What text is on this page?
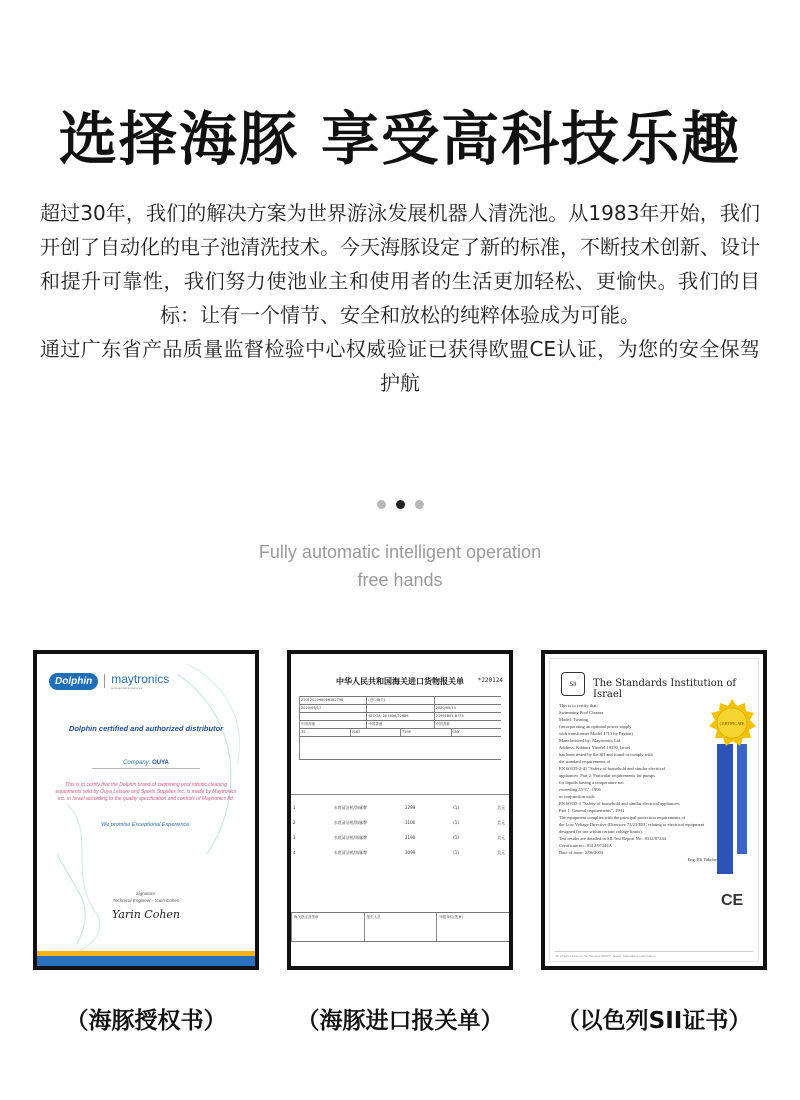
选择海豚 享受高科技乐趣

超过30年，我们的解决方案为世界游泳发展机器人清洗池。从1983年开始，我们开创了自动化的电子池清洗技术。今天海豚设定了新的标准，不断技术创新、设计和提升可靠性，我们努力使池业主和使用者的生活更加轻松、更愉快。我们的目标：让有一个情节、安全和放松的纯粹体验成为可能。

通过广东省产品质量监督检验中心权威验证已获得欧盟CE认证，为您的安全保驾护航

Fully automatic intelligent operation
free hands
Dolphin	maytronics
Exceptional Experience
Dolphin certified and authorized distributor
Company: OUYA
This is to certify that the Dolphin brand of swimming pool robotic cleaning equipments sold by Ouya Leisure and Sports Supplies Inc. is made by Maytronics inc. in Israel according to the quality specification and controls of Maytronics ltd.
We promise Exceptional Experience.
Signature:
Technical Engineer - Yarin Cohen
Yarin Cohen
中华人民共和国海关进口货物报关单	*220124
2201202090066182798	(进口海关)
2020/05/17	2020/05/15
SEOOA: 201806/22689	21991805-8773
中国香港	中国香港	中国香港
3S	7167	7599	CNY
1	水底清洁机/海豚牌	2299	(1)	美元
2	水底清洁机/海豚牌	3100	(1)	美元
3	水底清洁机/海豚牌	2190	(1)	美元
4	水底清洁机/海豚牌	3099	(1)	美元
海关批注及签章	报关人员	申报单位(签章)
SII	The Standards Institution of Israel
CERTIFICATE
This is to certify that:
Swimming Pool Cleaner
Model: Twining
(incorporating an optional power supply
with transformer Model 4713 by Payton)
Manufactured by: Maytronics Ltd.
Address: Kibbutz Yizre'el 19350, Israel
has been tested by the SII and found to comply with
the standard requirements of
EN 60335-2-41 "Safety of household and similar electrical
appliances. Part 2: Particular requirements for pumps
for liquids having a temperature not
exceeding 35°C", 1996
in conjunction with:
EN 60335-1 "Safety of household and similar electrical appliances.
Part 1: General requirements", 1994
The equipment complies with the principal protection requirements of
the Low Voltage Directive (Directive 73/23/EEC relating to electrical equipment
designed for use within certain voltage limits).
Test results are detailed in SII Test Report No.: 8312/07244
Certificate no.: 8312/07244A
Date of issue: 2/06/2003
Eng. Eli Yakoby
CE
42 Chaim Levanon St. Tel-Aviv 69977, Israel. Telematics Laboratory
（海豚授权书）	（海豚进口报关单）	（以色列SII证书）
